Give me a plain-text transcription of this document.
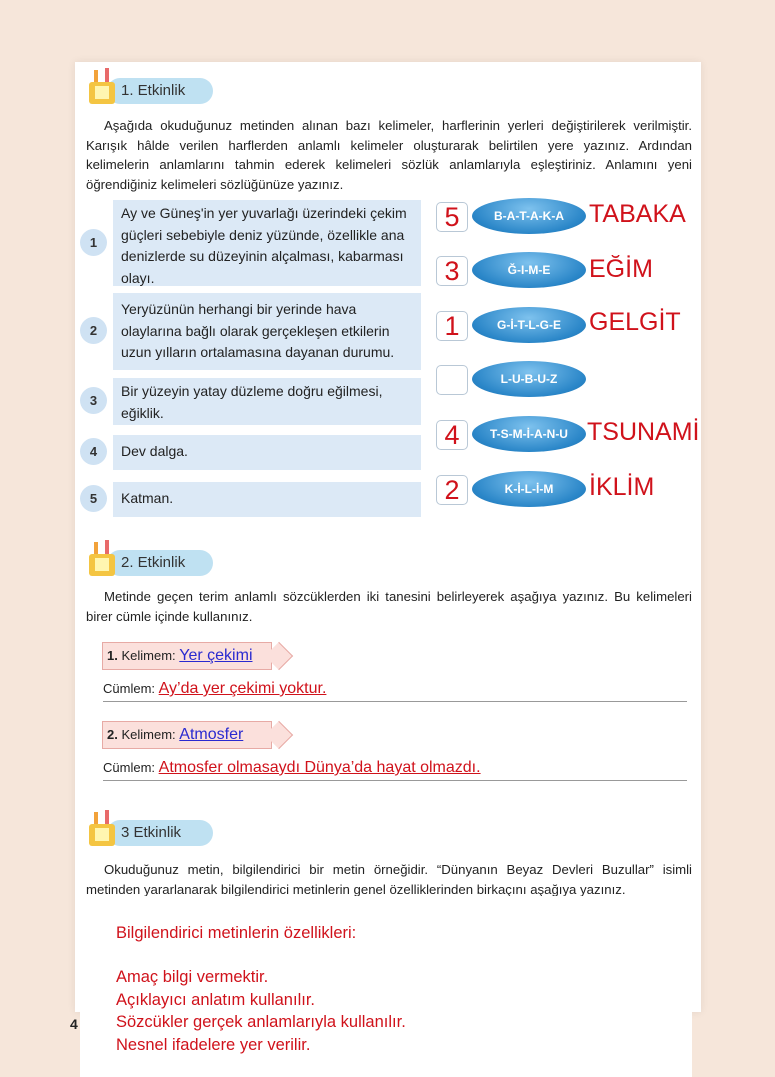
1. Etkinlik

Aşağıda okuduğunuz metinden alınan bazı kelimeler, harflerinin yerleri değiştirilerek verilmiştir. Karışık hâlde verilen harflerden anlamlı kelimeler oluşturarak belirtilen yere yazınız. Ardından kelimelerin anlamlarını tahmin ederek kelimeleri sözlük anlamlarıyla eşleştiriniz. Anlamını yeni öğrendiğiniz kelimeleri sözlüğünüze yazınız.

1
Ay ve Güneş'in yer yuvarlağı üzerindeki çekim güçleri sebebiyle deniz yüzünde, özellikle ana denizlerde su düzeyinin alçalması, kabarması olayı.
2
Yeryüzünün herhangi bir yerinde hava olaylarına bağlı olarak gerçekleşen etkilerin uzun yılların ortalamasına dayanan durumu.
3
Bir yüzeyin yatay düzleme doğru eğilmesi, eğiklik.
4	Dev dalga.
5	Katman.
5	B-A-T-A-K-A	TABAKA
3	Ğ-I-M-E	EĞİM
1	G-İ-T-L-G-E	GELGİT
L-U-B-U-Z
4	T-S-M-İ-A-N-U TSUNAMİ
2	K-İ-L-İ-M	İKLİM
2. Etkinlik

Metinde geçen terim anlamlı sözcüklerden iki tanesini belirleyerek aşağıya yazınız. Bu kelimeleri birer cümle içinde kullanınız.

1. Kelimem: Yer çekimi
Cümlem: Ay’da yer çekimi yoktur.
2. Kelimem: Atmosfer
Cümlem: Atmosfer olmasaydı Dünya’da hayat olmazdı.
3 Etkinlik

Okuduğunuz metin, bilgilendirici bir metin örneğidir. “Dünyanın Beyaz Devleri Buzullar” isimli metinden yararlanarak bilgilendirici metinlerin genel özelliklerinden birkaçını aşağıya yazınız.

4
Bilgilendirici metinlerin özellikleri:
Amaç bilgi vermektir.
Açıklayıcı anlatım kullanılır.
Sözcükler gerçek anlamlarıyla kullanılır.
Nesnel ifadelere yer verilir.
